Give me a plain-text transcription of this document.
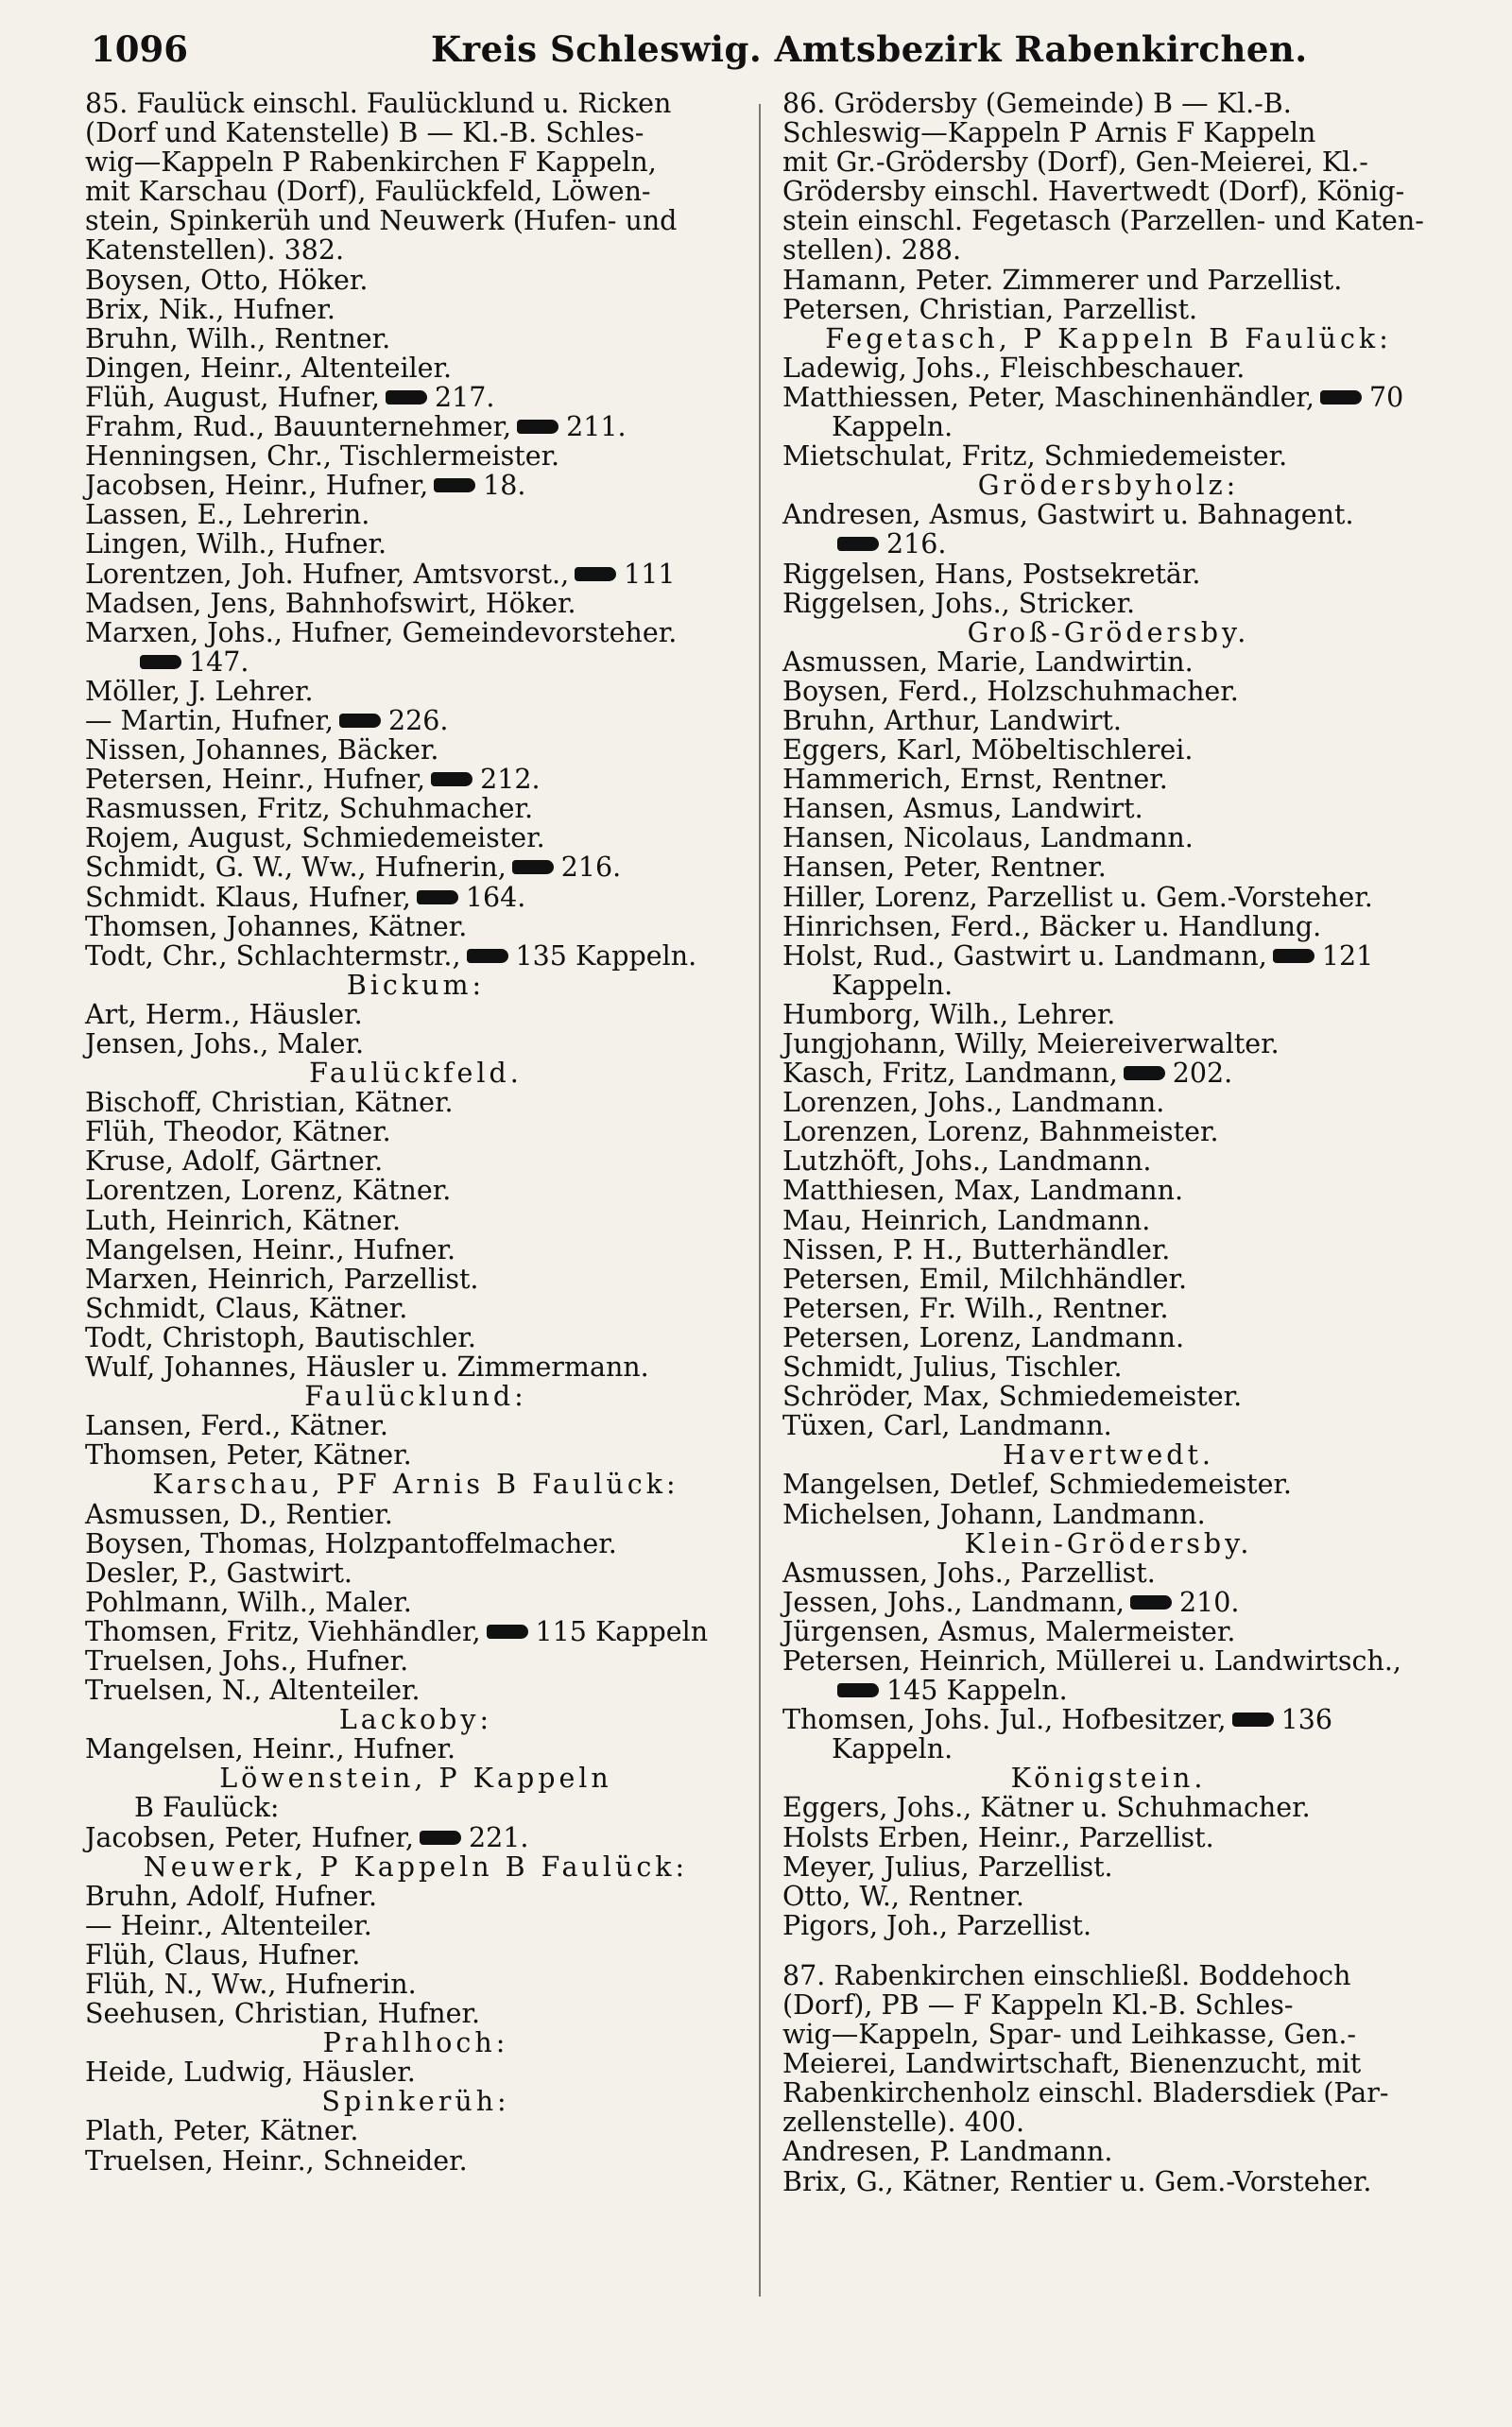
1096	Kreis Schleswig. Amtsbezirk Rabenkirchen.

85. Faulück einschl. Faulücklund u. Ricken

(Dorf und Katenstelle) B — Kl.-B. Schles-

wig—Kappeln P Rabenkirchen F Kappeln,

mit Karschau (Dorf), Faulückfeld, Löwen-

stein, Spinkerüh und Neuwerk (Hufen- und

Katenstellen). 382.

Boysen, Otto, Höker.

Brix, Nik., Hufner.

Bruhn, Wilh., Rentner.

Dingen, Heinr., Altenteiler.

Flüh, August, Hufner, 217.

Frahm, Rud., Bauunternehmer, 211.

Henningsen, Chr., Tischlermeister.

Jacobsen, Heinr., Hufner, 18.

Lassen, E., Lehrerin.

Lingen, Wilh., Hufner.

Lorentzen, Joh. Hufner, Amtsvorst., 111

Madsen, Jens, Bahnhofswirt, Höker.

Marxen, Johs., Hufner, Gemeindevorsteher.

147.

Möller, J. Lehrer.

— Martin, Hufner, 226.

Nissen, Johannes, Bäcker.

Petersen, Heinr., Hufner, 212.

Rasmussen, Fritz, Schuhmacher.

Rojem, August, Schmiedemeister.

Schmidt, G. W., Ww., Hufnerin, 216.

Schmidt. Klaus, Hufner, 164.

Thomsen, Johannes, Kätner.

Todt, Chr., Schlachtermstr., 135 Kappeln.

Bickum:

Art, Herm., Häusler.

Jensen, Johs., Maler.

Faulückfeld.

Bischoff, Christian, Kätner.

Flüh, Theodor, Kätner.

Kruse, Adolf, Gärtner.

Lorentzen, Lorenz, Kätner.

Luth, Heinrich, Kätner.

Mangelsen, Heinr., Hufner.

Marxen, Heinrich, Parzellist.

Schmidt, Claus, Kätner.

Todt, Christoph, Bautischler.

Wulf, Johannes, Häusler u. Zimmermann.

Faulücklund:

Lansen, Ferd., Kätner.

Thomsen, Peter, Kätner.

Karschau, PF Arnis B Faulück:

Asmussen, D., Rentier.

Boysen, Thomas, Holzpantoffelmacher.

Desler, P., Gastwirt.

Pohlmann, Wilh., Maler.

Thomsen, Fritz, Viehhändler, 115 Kappeln

Truelsen, Johs., Hufner.

Truelsen, N., Altenteiler.

Lackoby:

Mangelsen, Heinr., Hufner.

Löwenstein, P Kappeln

B Faulück:

Jacobsen, Peter, Hufner, 221.

Neuwerk, P Kappeln B Faulück:

Bruhn, Adolf, Hufner.

— Heinr., Altenteiler.

Flüh, Claus, Hufner.

Flüh, N., Ww., Hufnerin.

Seehusen, Christian, Hufner.

Prahlhoch:

Heide, Ludwig, Häusler.

Spinkerüh:

Plath, Peter, Kätner.

Truelsen, Heinr., Schneider.

86. Grödersby (Gemeinde) B — Kl.-B.

Schleswig—Kappeln P Arnis F Kappeln

mit Gr.-Grödersby (Dorf), Gen-Meierei, Kl.-

Grödersby einschl. Havertwedt (Dorf), König-

stein einschl. Fegetasch (Parzellen- und Katen-

stellen). 288.

Hamann, Peter. Zimmerer und Parzellist.

Petersen, Christian, Parzellist.

Fegetasch, P Kappeln B Faulück:

Ladewig, Johs., Fleischbeschauer.

Matthiessen, Peter, Maschinenhändler, 70

Kappeln.

Mietschulat, Fritz, Schmiedemeister.

Grödersbyholz:

Andresen, Asmus, Gastwirt u. Bahnagent.

216.

Riggelsen, Hans, Postsekretär.

Riggelsen, Johs., Stricker.

Groß-Grödersby.

Asmussen, Marie, Landwirtin.

Boysen, Ferd., Holzschuhmacher.

Bruhn, Arthur, Landwirt.

Eggers, Karl, Möbeltischlerei.

Hammerich, Ernst, Rentner.

Hansen, Asmus, Landwirt.

Hansen, Nicolaus, Landmann.

Hansen, Peter, Rentner.

Hiller, Lorenz, Parzellist u. Gem.-Vorsteher.

Hinrichsen, Ferd., Bäcker u. Handlung.

Holst, Rud., Gastwirt u. Landmann, 121

Kappeln.

Humborg, Wilh., Lehrer.

Jungjohann, Willy, Meiereiverwalter.

Kasch, Fritz, Landmann, 202.

Lorenzen, Johs., Landmann.

Lorenzen, Lorenz, Bahnmeister.

Lutzhöft, Johs., Landmann.

Matthiesen, Max, Landmann.

Mau, Heinrich, Landmann.

Nissen, P. H., Butterhändler.

Petersen, Emil, Milchhändler.

Petersen, Fr. Wilh., Rentner.

Petersen, Lorenz, Landmann.

Schmidt, Julius, Tischler.

Schröder, Max, Schmiedemeister.

Tüxen, Carl, Landmann.

Havertwedt.

Mangelsen, Detlef, Schmiedemeister.

Michelsen, Johann, Landmann.

Klein-Grödersby.

Asmussen, Johs., Parzellist.

Jessen, Johs., Landmann, 210.

Jürgensen, Asmus, Malermeister.

Petersen, Heinrich, Müllerei u. Landwirtsch.,

145 Kappeln.

Thomsen, Johs. Jul., Hofbesitzer, 136

Kappeln.

Königstein.

Eggers, Johs., Kätner u. Schuhmacher.

Holsts Erben, Heinr., Parzellist.

Meyer, Julius, Parzellist.

Otto, W., Rentner.

Pigors, Joh., Parzellist.

87. Rabenkirchen einschließl. Boddehoch

(Dorf), PB — F Kappeln Kl.-B. Schles-

wig—Kappeln, Spar- und Leihkasse, Gen.-

Meierei, Landwirtschaft, Bienenzucht, mit

Rabenkirchenholz einschl. Bladersdiek (Par-

zellenstelle). 400.

Andresen, P. Landmann.

Brix, G., Kätner, Rentier u. Gem.-Vorsteher.
